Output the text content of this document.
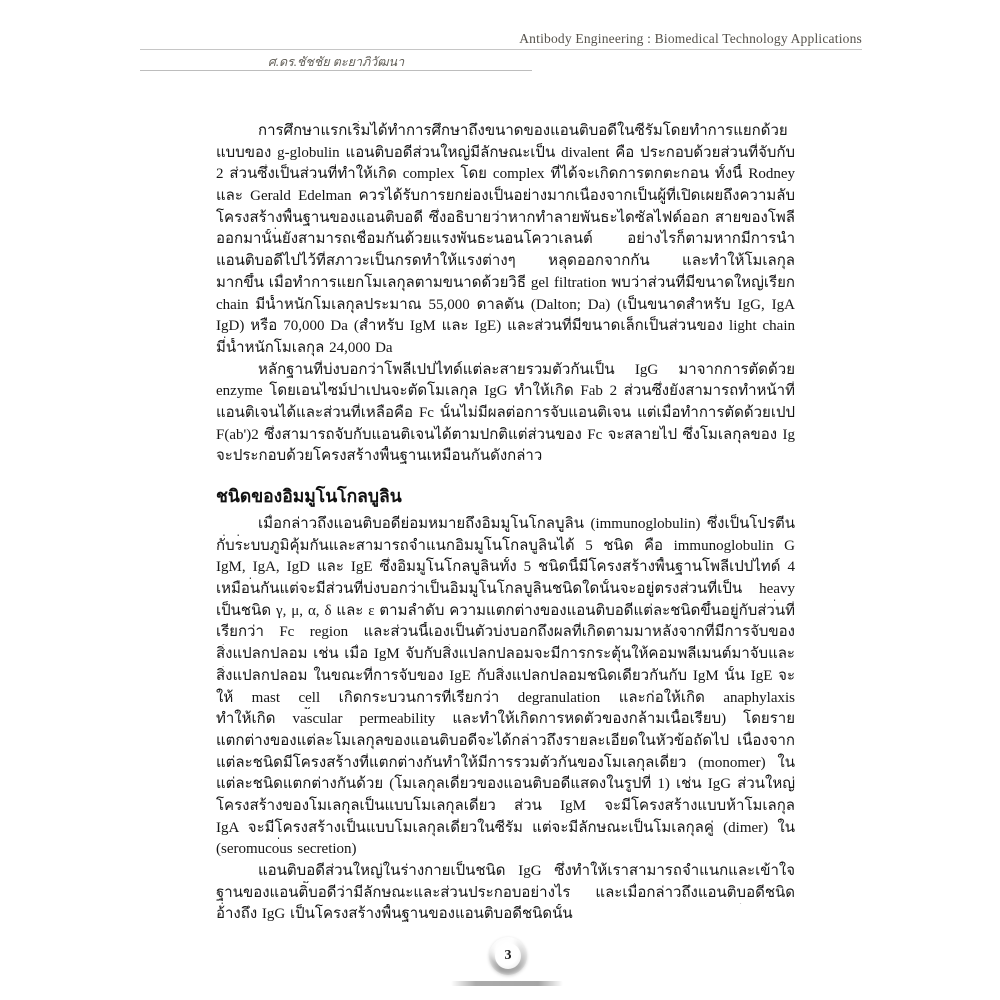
Antibody Engineering : Biomedical Technology Applications
ศ.ดร.ชัชชัย ตะยาภิวัฒนา
การศึกษาแรกเริ่มได้ทำการศึกษาถึงขนาดของแอนติบอดีในซีรัมโดยทำการแยกด้วย
แบบของ g-globulin แอนติบอดีส่วนใหญ่มีลักษณะเป็น divalent คือ ประกอบด้วยส่วนที่จับกับ
2 ส่วนซึ่งเป็นส่วนที่ทำให้เกิด complex โดย complex ที่ได้จะเกิดการตกตะกอน ทั้งนี้ Rodney
และ Gerald Edelman ควรได้รับการยกย่องเป็นอย่างมากเนื่องจากเป็นผู้ที่เปิดเผยถึงความลับ
โครงสร้างพื้นฐานของแอนติบอดี ซึ่งอธิบายว่าหากทำลายพันธะไดซัลไฟด์ออก สายของโพลี
ออกมานั้นยังสามารถเชื่อมกันด้วยแรงพันธะนอนโควาเลนต์ อย่างไรก็ตามหากมีการนำ
แอนติบอดีไปไว้ที่สภาวะเป็นกรดทำให้แรงต่างๆ หลุดออกจากกัน และทำให้โมเลกุล
มากขึ้น เมื่อทำการแยกโมเลกุลตามขนาดด้วยวิธี gel filtration พบว่าส่วนที่มีขนาดใหญ่เรียก
chain มีน้ำหนักโมเลกุลประมาณ 55,000 ดาลตัน (Dalton; Da) (เป็นขนาดสำหรับ IgG, IgA
IgD) หรือ 70,000 Da (สำหรับ IgM และ IgE) และส่วนที่มีขนาดเล็กเป็นส่วนของ light chain
มีน้ำหนักโมเลกุล 24,000 Da
หลักฐานที่บ่งบอกว่าโพลีเปปไทด์แต่ละสายรวมตัวกันเป็น IgG มาจากการตัดด้วย
enzyme โดยเอนไซม์ปาเปนจะตัดโมเลกุล IgG ทำให้เกิด Fab 2 ส่วนซึ่งยังสามารถทำหน้าที่
แอนติเจนได้และส่วนที่เหลือคือ Fc นั้นไม่มีผลต่อการจับแอนติเจน แต่เมื่อทำการตัดด้วยเปป
F(ab')2 ซึ่งสามารถจับกับแอนติเจนได้ตามปกติแต่ส่วนของ Fc จะสลายไป ซึ่งโมเลกุลของ Ig
จะประกอบด้วยโครงสร้างพื้นฐานเหมือนกันดังกล่าว
ชนิดของอิมมูโนโกลบูลิน
เมื่อกล่าวถึงแอนติบอดีย่อมหมายถึงอิมมูโนโกลบูลิน (immunoglobulin) ซึ่งเป็นโปรตีน
กับระบบภูมิคุ้มกันและสามารถจำแนกอิมมูโนโกลบูลินได้ 5 ชนิด คือ immunoglobulin G
IgM, IgA, IgD และ IgE ซึ่งอิมมูโนโกลบูลินทั้ง 5 ชนิดนี้มีโครงสร้างพื้นฐานโพลีเปปไทด์ 4
เหมือนกันแต่จะมีส่วนที่บ่งบอกว่าเป็นอิมมูโนโกลบูลินชนิดใดนั้นจะอยู่ตรงส่วนที่เป็น heavy
เป็นชนิด γ, μ, α, δ และ ε ตามลำดับ ความแตกต่างของแอนติบอดีแต่ละชนิดขึ้นอยู่กับส่วนที่
เรียกว่า Fc region และส่วนนี้เองเป็นตัวบ่งบอกถึงผลที่เกิดตามมาหลังจากที่มีการจับของ
สิ่งแปลกปลอม เช่น เมื่อ IgM จับกับสิ่งแปลกปลอมจะมีการกระตุ้นให้คอมพลีเมนต์มาจับและ
สิ่งแปลกปลอม ในขณะที่การจับของ IgE กับสิ่งแปลกปลอมชนิดเดียวกันกับ IgM นั้น IgE จะ
ให้ mast cell เกิดกระบวนการที่เรียกว่า degranulation และก่อให้เกิด anaphylaxis
ทำให้เกิด vascular permeability และทำให้เกิดการหดตัวของกล้ามเนื้อเรียบ) โดยราย
แตกต่างของแต่ละโมเลกุลของแอนติบอดีจะได้กล่าวถึงรายละเอียดในหัวข้อถัดไป เนื่องจาก
แต่ละชนิดมีโครงสร้างที่แตกต่างกันทำให้มีการรวมตัวกันของโมเลกุลเดี่ยว (monomer) ใน
แต่ละชนิดแตกต่างกันด้วย (โมเลกุลเดี่ยวของแอนติบอดีแสดงในรูปที่ 1) เช่น IgG ส่วนใหญ่
โครงสร้างของโมเลกุลเป็นแบบโมเลกุลเดี่ยว ส่วน IgM จะมีโครงสร้างแบบห้าโมเลกุล
IgA จะมีโครงสร้างเป็นแบบโมเลกุลเดี่ยวในซีรัม แต่จะมีลักษณะเป็นโมเลกุลคู่ (dimer) ใน
(seromucous secretion)
แอนติบอดีส่วนใหญ่ในร่างกายเป็นชนิด IgG ซึ่งทำให้เราสามารถจำแนกและเข้าใจ
ฐานของแอนติบอดีว่ามีลักษณะและส่วนประกอบอย่างไร และเมื่อกล่าวถึงแอนติบอดีชนิด
อ้างถึง IgG เป็นโครงสร้างพื้นฐานของแอนติบอดีชนิดนั้น
3
